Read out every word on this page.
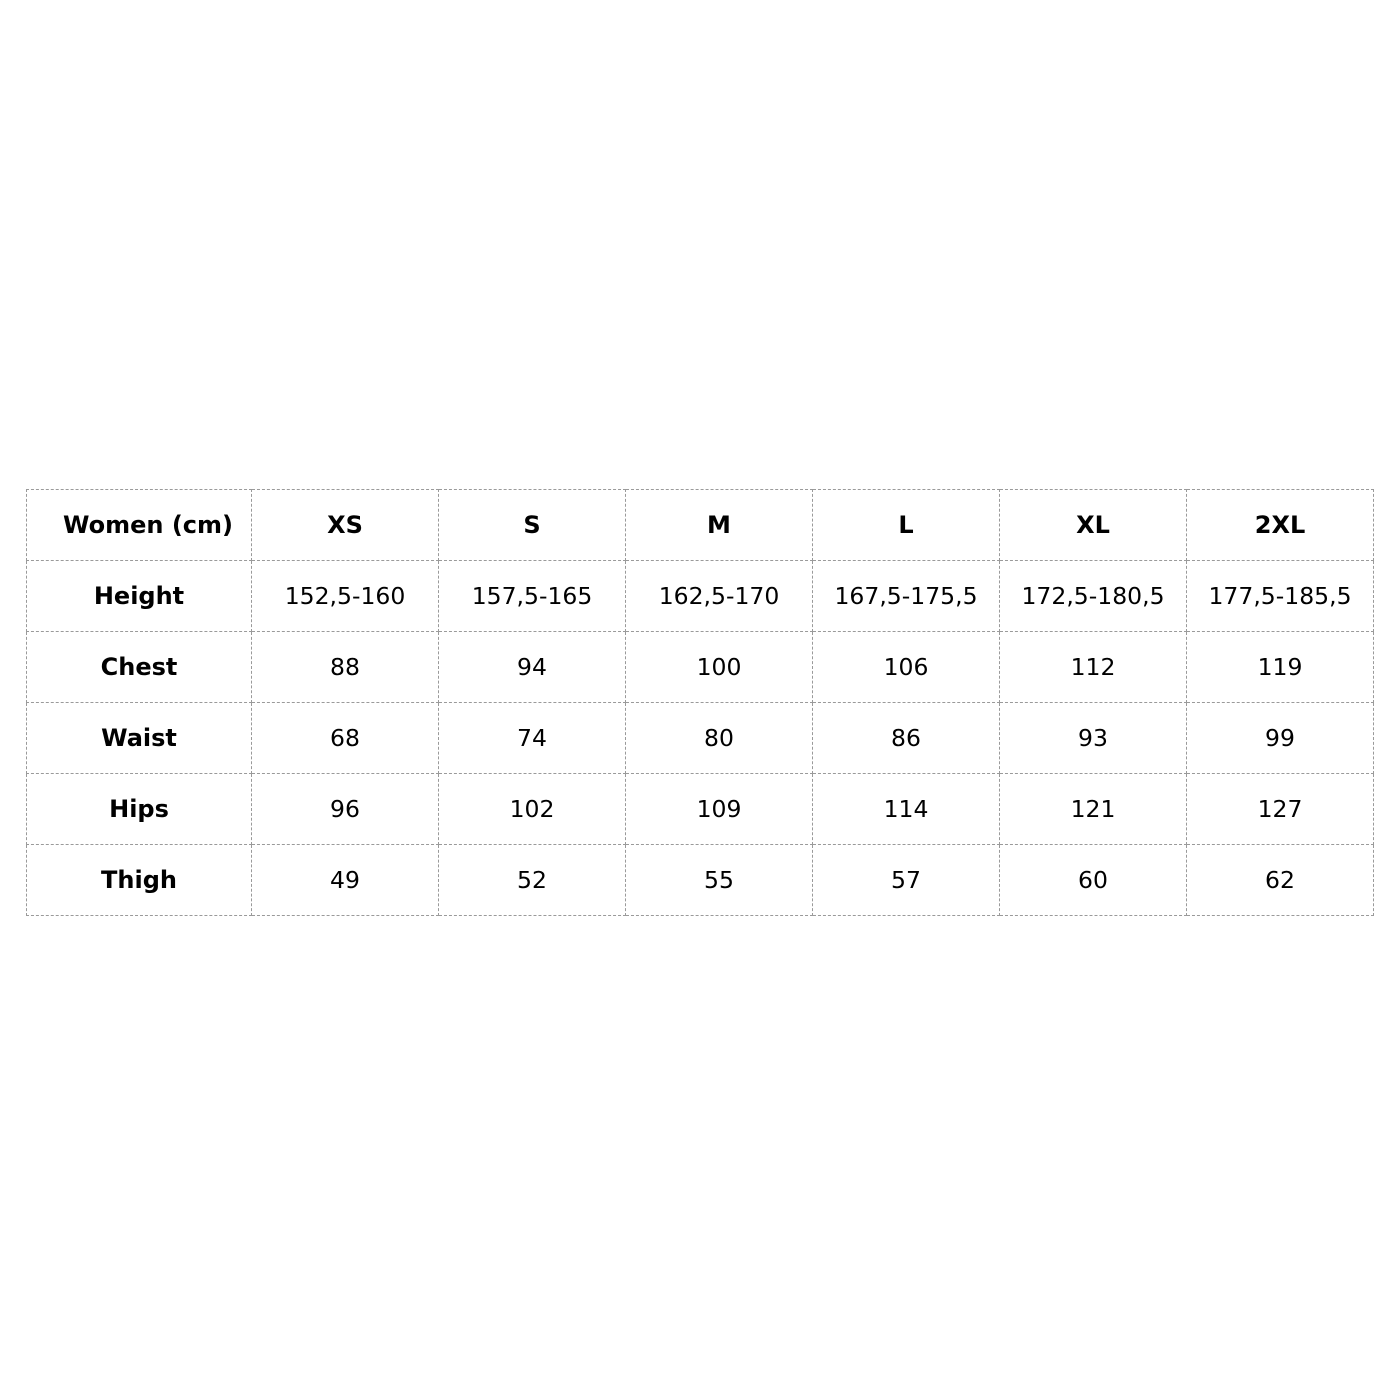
Women (cm)	XS	S	M	L	XL	2XL
Height	152,5-160	157,5-165	162,5-170	167,5-175,5	172,5-180,5	177,5-185,5
Chest	88	94	100	106	112	119
Waist	68	74	80	86	93	99
Hips	96	102	109	114	121	127
Thigh	49	52	55	57	60	62
